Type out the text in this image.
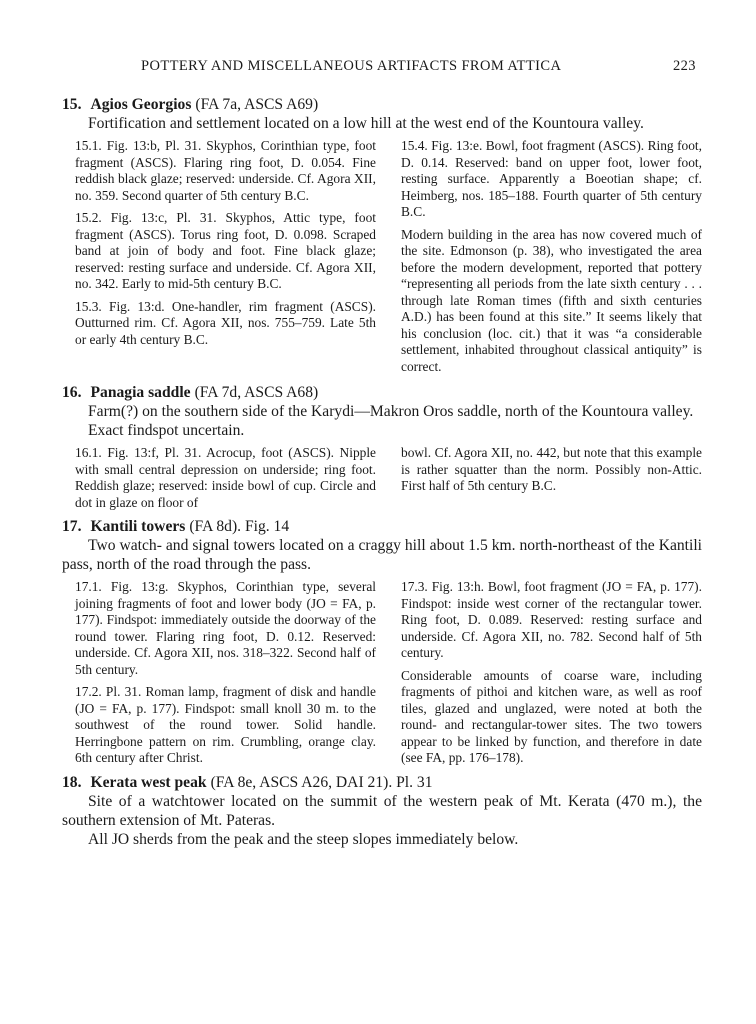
POTTERY AND MISCELLANEOUS ARTIFACTS FROM ATTICA	223

15. Agios Georgios (FA 7a, ASCS A69)

Fortification and settlement located on a low hill at the west end of the Kountoura valley.

15.1. Fig. 13:b, Pl. 31. Skyphos, Corinthian type, foot fragment (ASCS). Flaring ring foot, D. 0.054. Fine reddish black glaze; reserved: underside. Cf. Agora XII, no. 359. Second quarter of 5th century B.C.

15.2. Fig. 13:c, Pl. 31. Skyphos, Attic type, foot fragment (ASCS). Torus ring foot, D. 0.098. Scraped band at join of body and foot. Fine black glaze; reserved: resting surface and underside. Cf. Agora XII, no. 342. Early to mid-5th century B.C.

15.3. Fig. 13:d. One-handler, rim fragment (ASCS). Outturned rim. Cf. Agora XII, nos. 755–759. Late 5th or early 4th century B.C.

15.4. Fig. 13:e. Bowl, foot fragment (ASCS). Ring foot, D. 0.14. Reserved: band on upper foot, lower foot, resting surface. Apparently a Boeotian shape; cf. Heimberg, nos. 185–188. Fourth quarter of 5th century B.C.

Modern building in the area has now covered much of the site. Edmonson (p. 38), who investigated the area before the modern development, reported that pottery “representing all periods from the late sixth century . . . through late Roman times (fifth and sixth centuries A.D.) has been found at this site.” It seems likely that his conclusion (loc. cit.) that it was “a considerable settlement, inhabited throughout classical antiquity” is correct.

16. Panagia saddle (FA 7d, ASCS A68)

Farm(?) on the southern side of the Karydi—Makron Oros saddle, north of the Kountoura valley.

Exact findspot uncertain.

16.1. Fig. 13:f, Pl. 31. Acrocup, foot (ASCS). Nipple with small central depression on underside; ring foot. Reddish glaze; reserved: inside bowl of cup. Circle and dot in glaze on floor of

bowl. Cf. Agora XII, no. 442, but note that this example is rather squatter than the norm. Possibly non-Attic. First half of 5th century B.C.

17. Kantili towers (FA 8d). Fig. 14

Two watch- and signal towers located on a craggy hill about 1.5 km. north-northeast of the Kantili pass, north of the road through the pass.

17.1. Fig. 13:g. Skyphos, Corinthian type, several joining fragments of foot and lower body (JO = FA, p. 177). Findspot: immediately outside the doorway of the round tower. Flaring ring foot, D. 0.12. Reserved: underside. Cf. Agora XII, nos. 318–322. Second half of 5th century.

17.2. Pl. 31. Roman lamp, fragment of disk and handle (JO = FA, p. 177). Findspot: small knoll 30 m. to the southwest of the round tower. Solid handle. Herringbone pattern on rim. Crumbling, orange clay. 6th century after Christ.

17.3. Fig. 13:h. Bowl, foot fragment (JO = FA, p. 177). Findspot: inside west corner of the rectangular tower. Ring foot, D. 0.089. Reserved: resting surface and underside. Cf. Agora XII, no. 782. Second half of 5th century.

Considerable amounts of coarse ware, including fragments of pithoi and kitchen ware, as well as roof tiles, glazed and unglazed, were noted at both the round- and rectangular-tower sites. The two towers appear to be linked by function, and therefore in date (see FA, pp. 176–178).

18. Kerata west peak (FA 8e, ASCS A26, DAI 21). Pl. 31

Site of a watchtower located on the summit of the western peak of Mt. Kerata (470 m.), the southern extension of Mt. Pateras.

All JO sherds from the peak and the steep slopes immediately below.
